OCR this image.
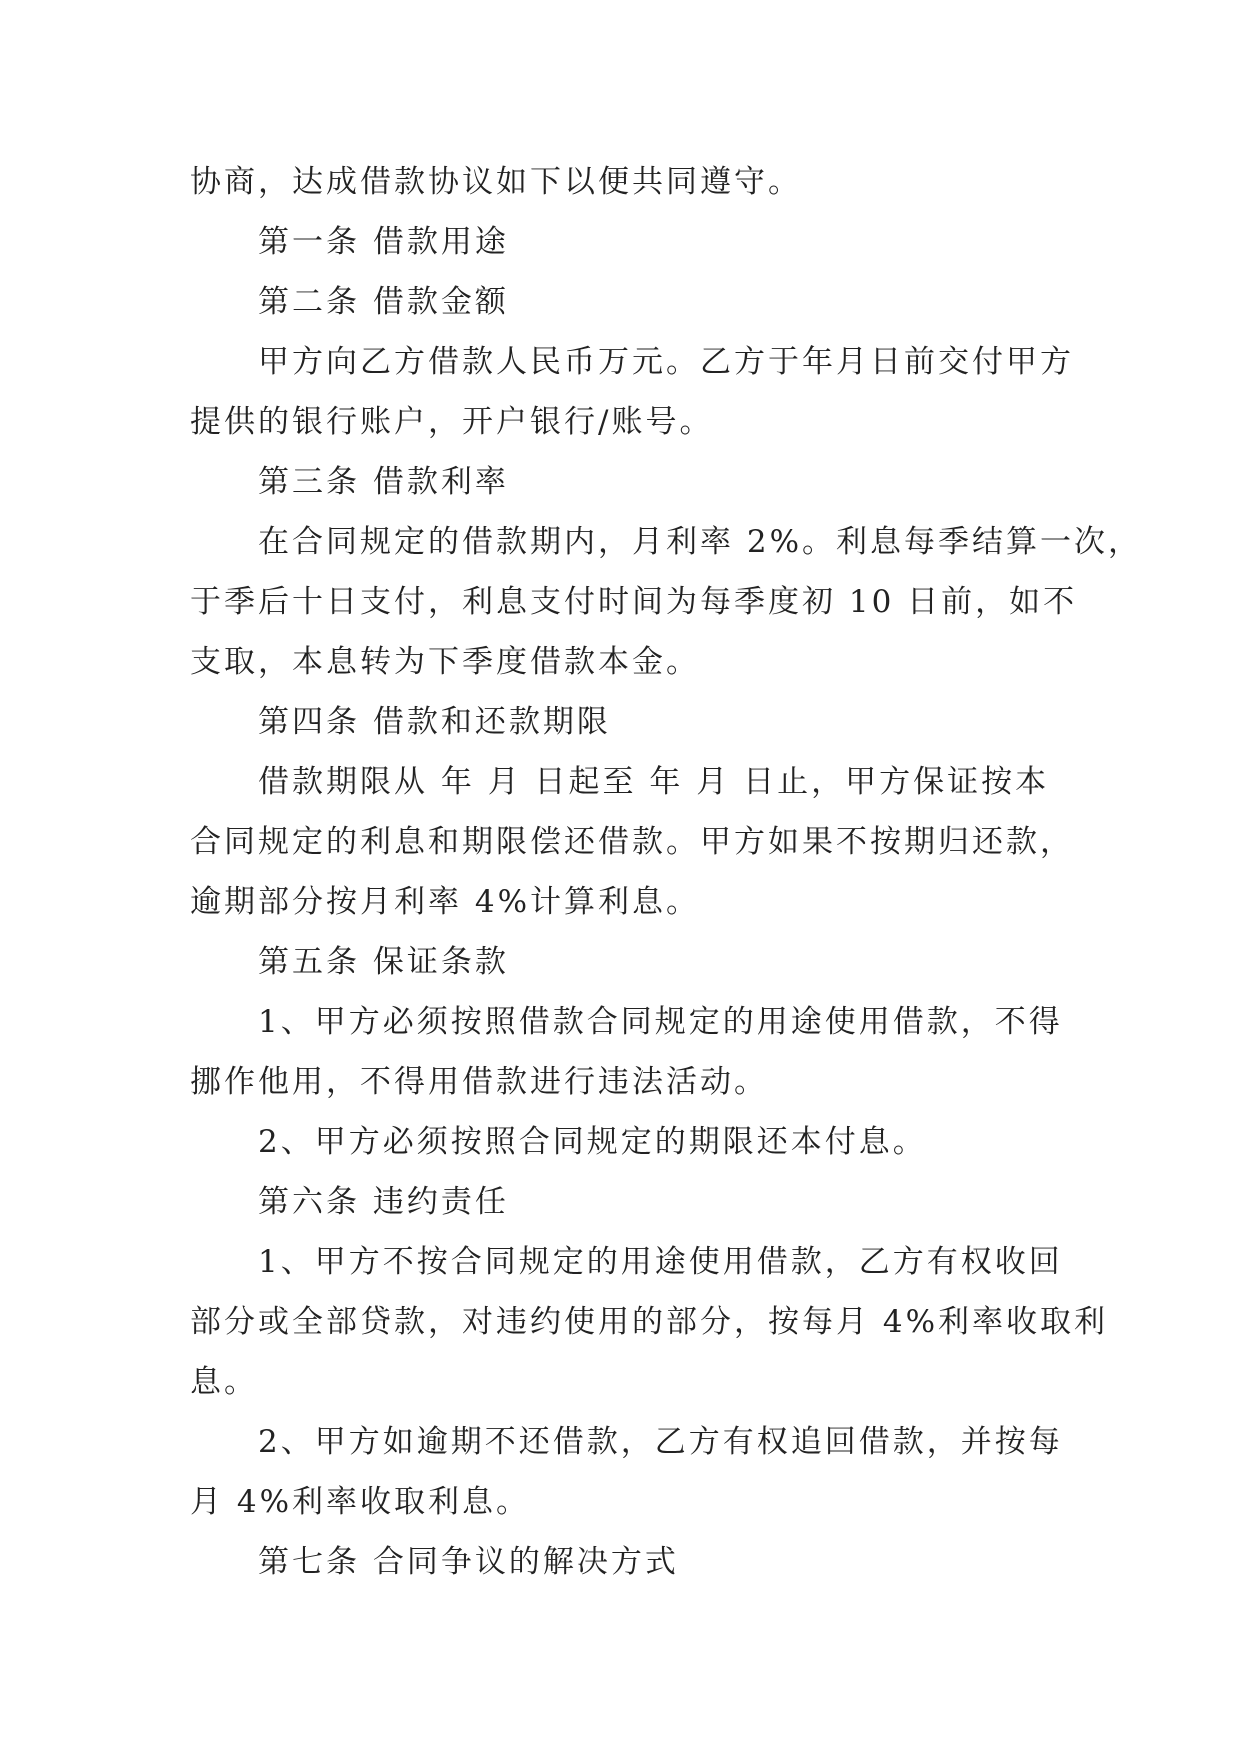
协商，达成借款协议如下以便共同遵守。
第一条 借款用途
第二条 借款金额
甲方向乙方借款人民币万元。乙方于年月日前交付甲方
提供的银行账户，开户银行/账号。
第三条 借款利率
在合同规定的借款期内，月利率 2%。利息每季结算一次，
于季后十日支付，利息支付时间为每季度初 10 日前，如不
支取，本息转为下季度借款本金。
第四条 借款和还款期限
借款期限从 年 月 日起至 年 月 日止，甲方保证按本
合同规定的利息和期限偿还借款。甲方如果不按期归还款，
逾期部分按月利率 4%计算利息。
第五条 保证条款
1、甲方必须按照借款合同规定的用途使用借款，不得
挪作他用，不得用借款进行违法活动。
2、甲方必须按照合同规定的期限还本付息。
第六条 违约责任
1、甲方不按合同规定的用途使用借款，乙方有权收回
部分或全部贷款，对违约使用的部分，按每月 4%利率收取利
息。
2、甲方如逾期不还借款，乙方有权追回借款，并按每
月 4%利率收取利息。
第七条 合同争议的解决方式
